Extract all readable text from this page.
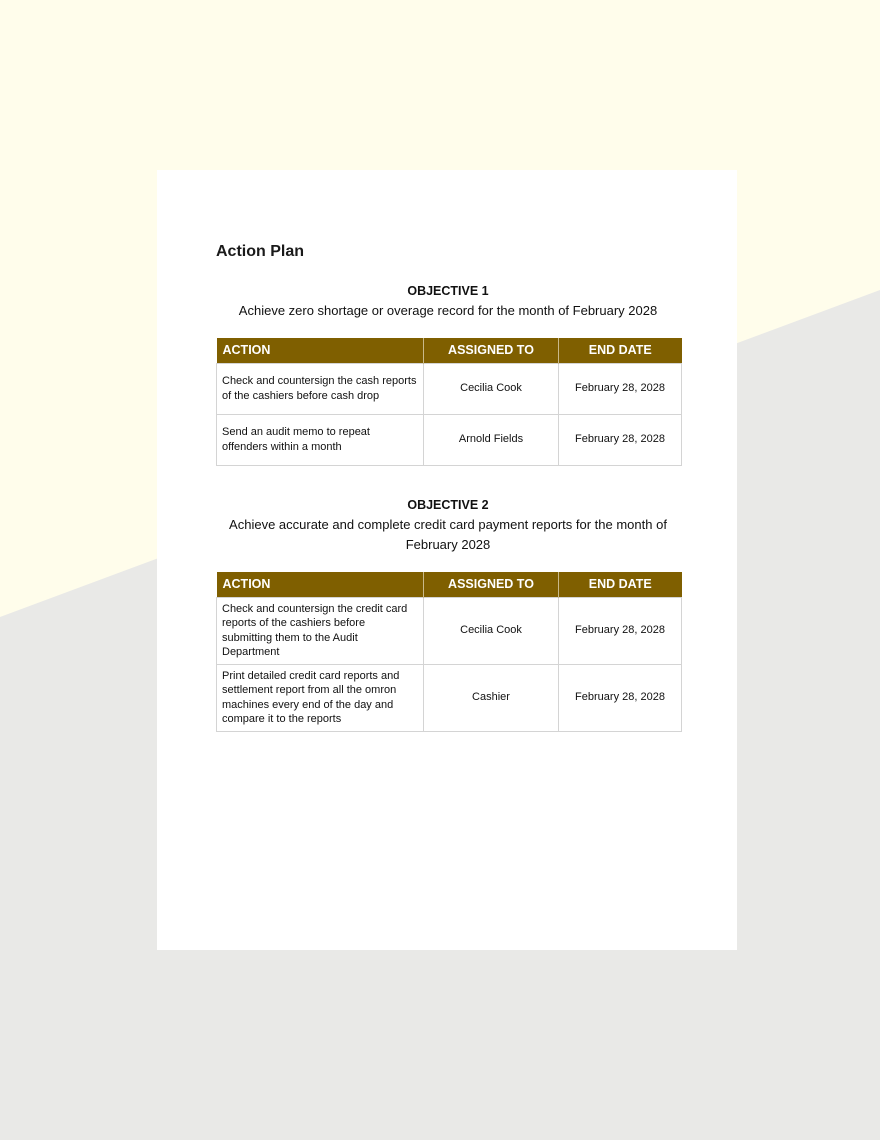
Action Plan
OBJECTIVE 1
Achieve zero shortage or overage record for the month of February 2028
ACTION	ASSIGNED TO	END DATE
Check and countersign the cash reports of the cashiers before cash drop	Cecilia Cook	February 28, 2028
Send an audit memo to repeat offenders within a month	Arnold Fields	February 28, 2028
OBJECTIVE 2
Achieve accurate and complete credit card payment reports for the month of February 2028
ACTION	ASSIGNED TO	END DATE
Check and countersign the credit card reports of the cashiers before submitting them to the Audit Department	Cecilia Cook	February 28, 2028
Print detailed credit card reports and settlement report from all the omron machines every end of the day and compare it to the reports	Cashier	February 28, 2028
